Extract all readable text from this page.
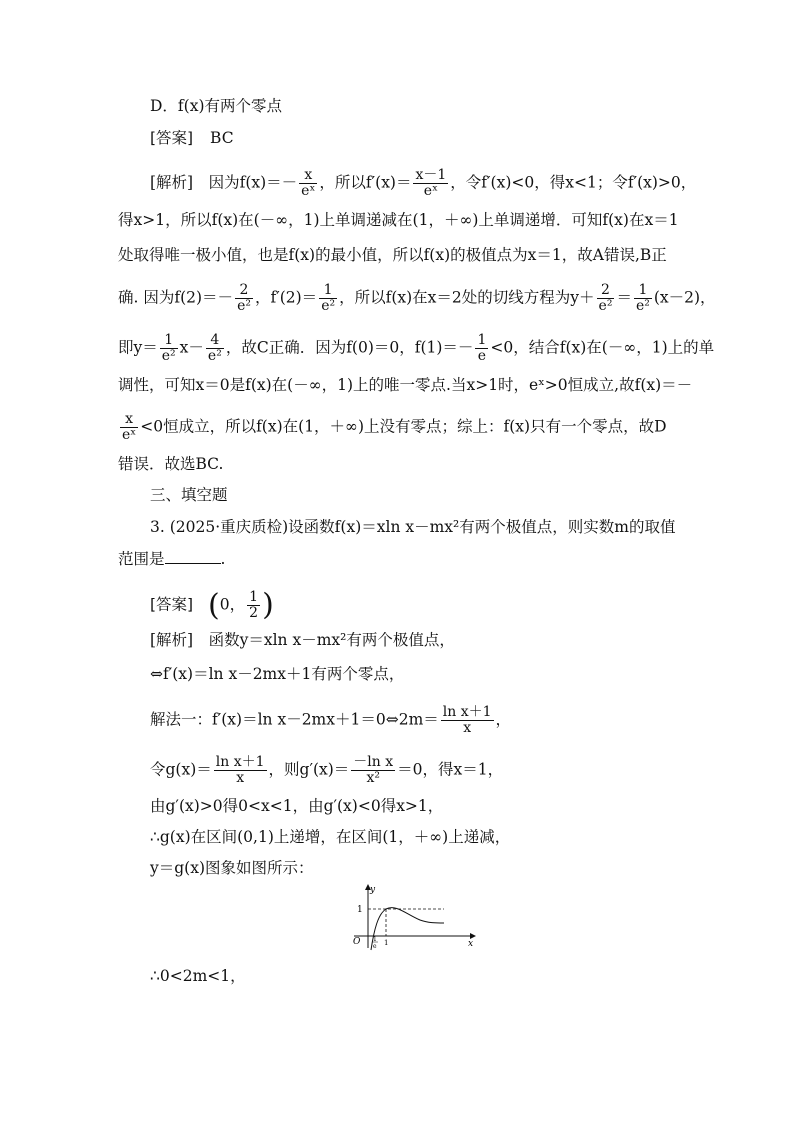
D．f(x)有两个零点
[答案] BC
[解析]　因为$f(x)=- \frac{x}{\text{eˣ}}$ ，所以$f'(x)= \frac{x-1}{\text{eˣ}}$ ，令f′(x)<0，得x<1；令f′(x)>0，
得x>1，所以f(x)在(－∞，1)上单调递减在(1，＋∞)上单调递增．可知f(x)在x＝1
处取得唯一极小值，也是f(x)的最小值，所以f(x)的极值点为x＝1，故A错误,B正
确. 因为$f(2)=- \frac{2}{\text{e²}}$ ，$f'(2)= \frac{1}{\text{e²}}$ ，所以f(x)在x＝2处的切线方程为$y+ \frac{2}{\text{e²}} = \frac{1}{\text{e²}} (x-2)$，
即$y= \frac{1}{\text{e²}} x- \frac{4}{\text{e²}}$ ，故C正确．因为f(0)＝0，$f(1)=- \frac{1}{e} <0$，结合f(x)在(－∞，1)上的单
调性，可知x＝0是f(x)在(－∞，1)上的唯一零点.当x>1时，eˣ>0恒成立,故f(x)＝－
$\frac{x}{\text{eˣ}} <0$恒成立，所以f(x)在(1，＋∞)上没有零点；综上：f(x)只有一个零点，故D
错误．故选BC.
三、填空题
3. (2025·重庆质检)设函数f(x)＝xln x－mx²有两个极值点，则实数m的取值
范围是	.
[答案] (0， $\frac{1}{2}$ )
[解析]　函数y＝xln x－mx²有两个极值点，
⇔f′(x)＝ln x－2mx＋1有两个零点，
解法一：f′(x)＝ln x－2mx＋1＝0⇔2m＝ $\frac{\text{ln x＋1}}{x}$ ，
令$g(x)= \frac{\text{ln x＋1}}{x}$ ，则$g'(x)= \frac{\text{－ln x}}{\text{x²}} =0$，得x＝1，
由g′(x)>0得0<x<1，由g′(x)<0得x>1，
∴g(x)在区间(0,1)上递增，在区间(1，＋∞)上递减，
y＝g(x)图象如图所示：
y
x
O
1
1
1
e
∴0<2m<1，
